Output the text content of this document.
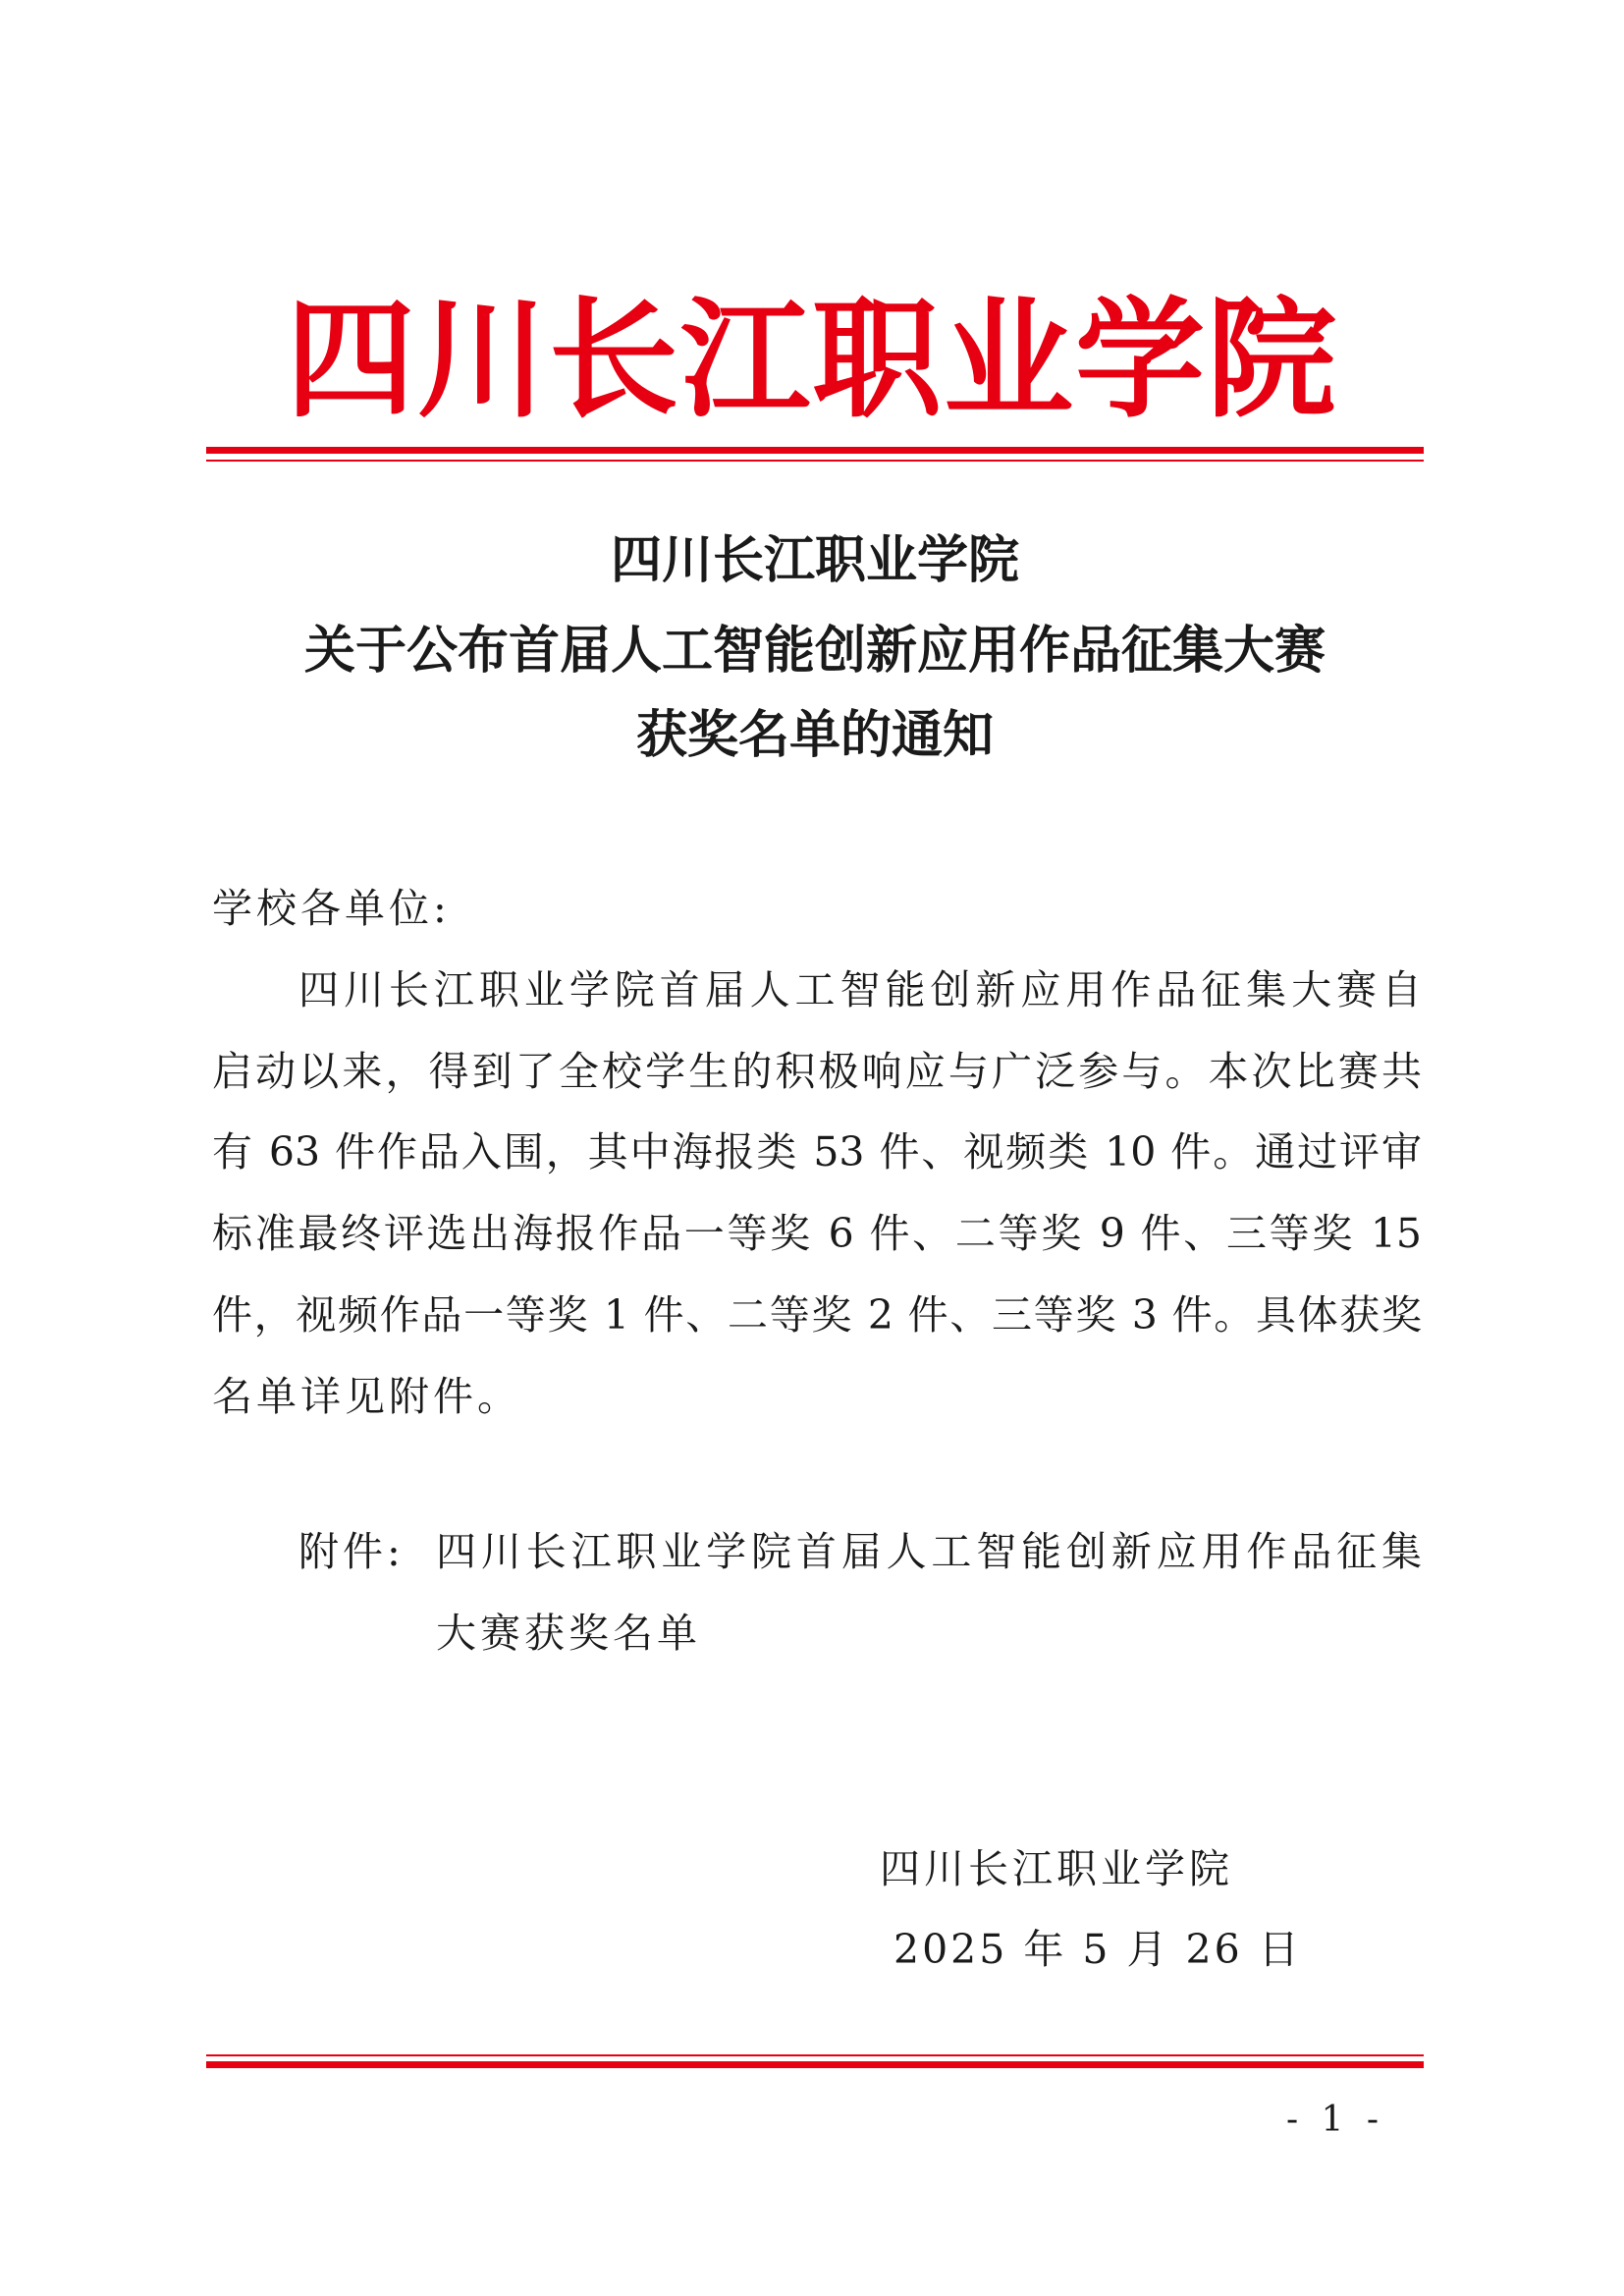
四川长江职业学院
四川长江职业学院
关于公布首届人工智能创新应用作品征集大赛
获奖名单的通知
学校各单位:
四川长江职业学院首届人工智能创新应用作品征集大赛自
启动以来，得到了全校学生的积极响应与广泛参与。本次比赛共
有 63 件作品入围，其中海报类 53 件、视频类 10 件。通过评审
标准最终评选出海报作品一等奖 6 件、二等奖 9 件、三等奖 15
件，视频作品一等奖 1 件、二等奖 2 件、三等奖 3 件。具体获奖
名单详见附件。
附件: 四川长江职业学院首届人工智能创新应用作品征集
大赛获奖名单
四川长江职业学院
2025 年 5 月 26 日
- 1 -
